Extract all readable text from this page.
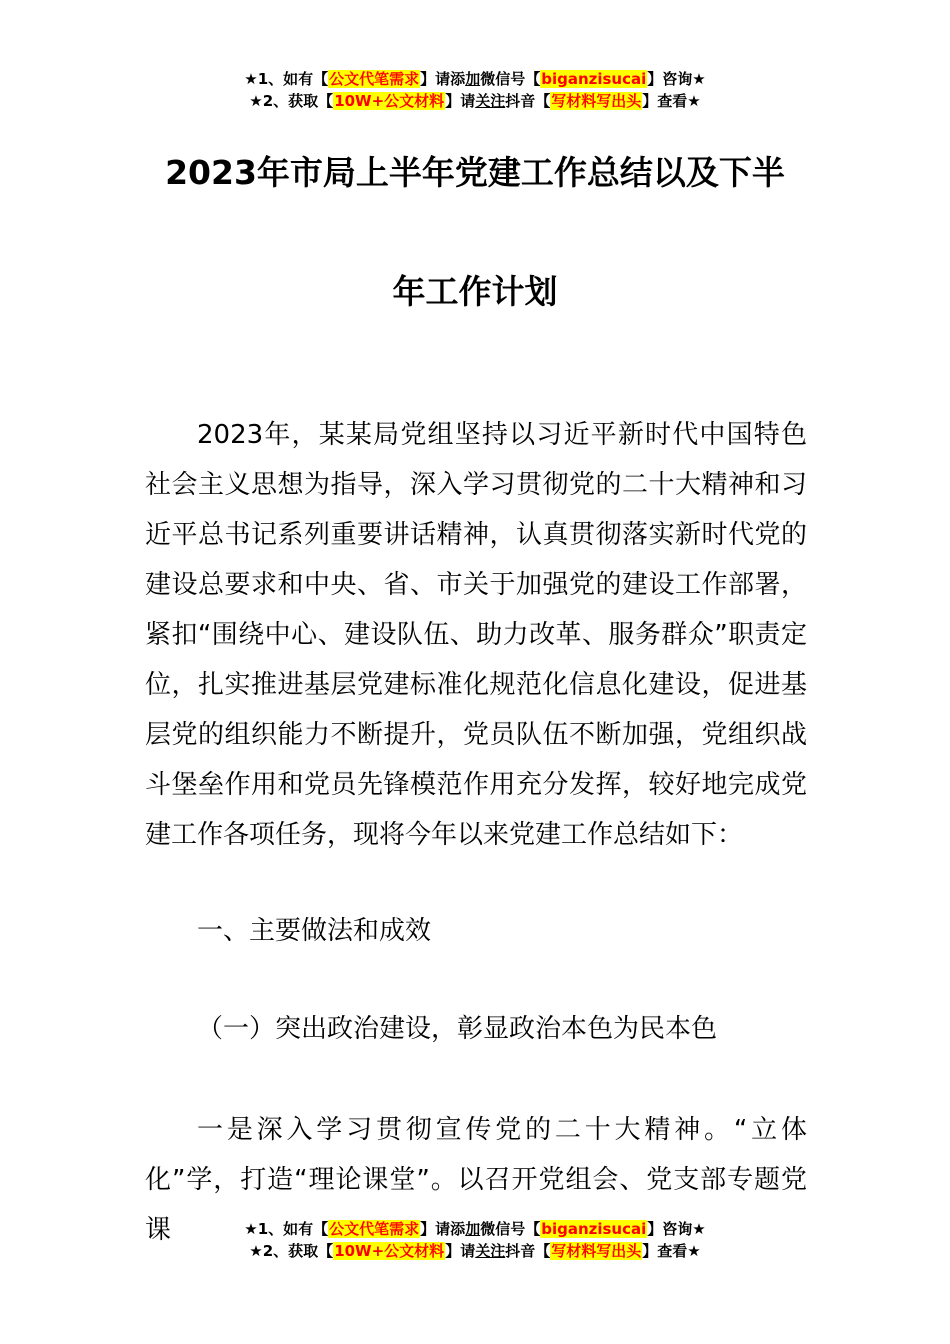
★1、如有【公文代笔需求】请添加微信号【biganzisucai】咨询★
★2、获取【10W+公文材料】请关注抖音【写材料写出头】查看★
2023年市局上半年党建工作总结以及下半
年工作计划
2023年，某某局党组坚持以习近平新时代中国特色社会主义思想为指导，深入学习贯彻党的二十大精神和习近平总书记系列重要讲话精神，认真贯彻落实新时代党的建设总要求和中央、省、市关于加强党的建设工作部署，紧扣“围绕中心、建设队伍、助力改革、服务群众”职责定位，扎实推进基层党建标准化规范化信息化建设，促进基层党的组织能力不断提升，党员队伍不断加强，党组织战斗堡垒作用和党员先锋模范作用充分发挥，较好地完成党建工作各项任务，现将今年以来党建工作总结如下：
一、主要做法和成效
（一）突出政治建设，彰显政治本色为民本色
一是深入学习贯彻宣传党的二十大精神。“立体化”学，打造“理论课堂”。以召开党组会、党支部专题党课	★1、如有【公文代笔需求】请添加微信号【biganzisucai】咨询★
★2、获取【10W+公文材料】请关注抖音【写材料写出头】查看★
